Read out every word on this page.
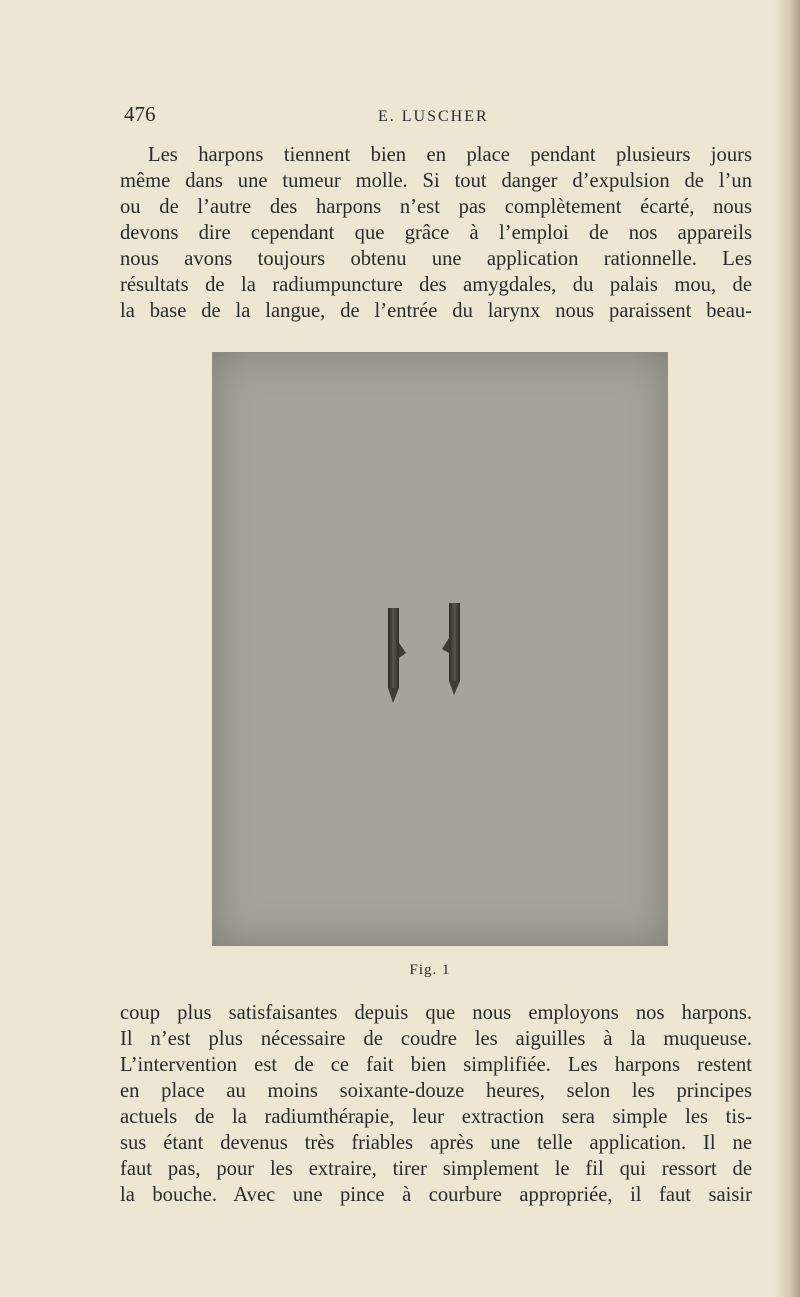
476	E. LUSCHER
Les harpons tiennent bien en place pendant plusieurs jours
même dans une tumeur molle. Si tout danger d’expulsion de l’un
ou de l’autre des harpons n’est pas complètement écarté, nous
devons dire cependant que grâce à l’emploi de nos appareils
nous avons toujours obtenu une application rationnelle. Les
résultats de la radiumpuncture des amygdales, du palais mou, de
la base de la langue, de l’entrée du larynx nous paraissent beau-
Fig. 1
coup plus satisfaisantes depuis que nous employons nos harpons.
Il n’est plus nécessaire de coudre les aiguilles à la muqueuse.
L’intervention est de ce fait bien simplifiée. Les harpons restent
en place au moins soixante-douze heures, selon les principes
actuels de la radiumthérapie, leur extraction sera simple les tis-
sus étant devenus très friables après une telle application. Il ne
faut pas, pour les extraire, tirer simplement le fil qui ressort de
la bouche. Avec une pince à courbure appropriée, il faut saisir
